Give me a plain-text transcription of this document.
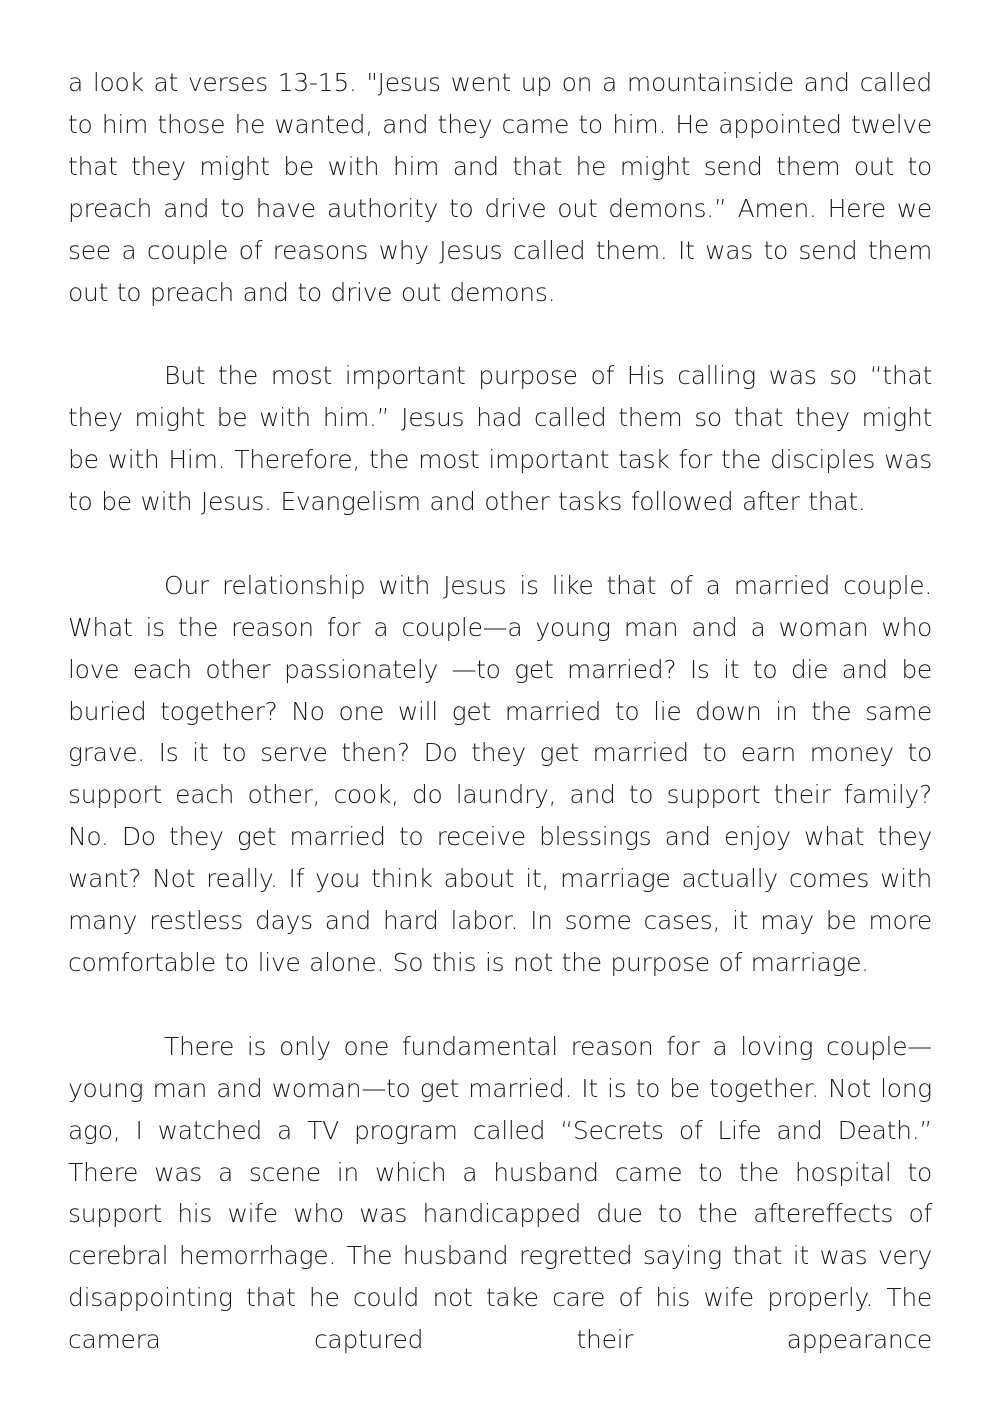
a look at verses 13-15. "Jesus went up on a mountainside and called to him those he wanted, and they came to him. He appointed twelve that they might be with him and that he might send them out to preach and to have authority to drive out demons.” Amen. Here we see a couple of reasons why Jesus called them. It was to send them out to preach and to drive out demons.

But the most important purpose of His calling was so “that they might be with him.” Jesus had called them so that they might be with Him. Therefore, the most important task for the disciples was to be with Jesus. Evangelism and other tasks followed after that.

Our relationship with Jesus is like that of a married couple. What is the reason for a couple—a young man and a woman who love each other passionately —to get married? Is it to die and be buried together? No one will get married to lie down in the same grave. Is it to serve then? Do they get married to earn money to support each other, cook, do laundry, and to support their family? No. Do they get married to receive blessings and enjoy what they want? Not really. If you think about it, marriage actually comes with many restless days and hard labor. In some cases, it may be more comfortable to live alone. So this is not the purpose of marriage.

There is only one fundamental reason for a loving couple—young man and woman—to get married. It is to be together. Not long ago, I watched a TV program called “Secrets of Life and Death.” There was a scene in which a husband came to the hospital to support his wife who was handicapped due to the aftereffects of cerebral hemorrhage. The husband regretted saying that it was very disappointing that he could not take care of his wife properly. The camera captured their appearance
